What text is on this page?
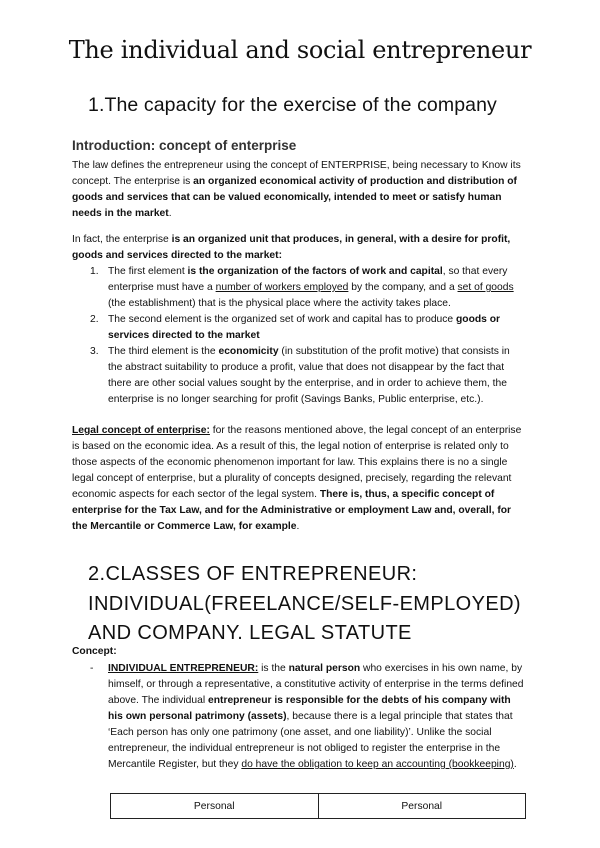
The individual and social entrepreneur
1.The capacity for the exercise of the company
Introduction: concept of enterprise

The law defines the entrepreneur using the concept of ENTERPRISE, being necessary to Know its concept. The enterprise is an organized economical activity of production and distribution of goods and services that can be valued economically, intended to meet or satisfy human needs in the market.

In fact, the enterprise is an organized unit that produces, in general, with a desire for profit, goods and services directed to the market:

1. The first element is the organization of the factors of work and capital, so that every enterprise must have a number of workers employed by the company, and a set of goods (the establishment) that is the physical place where the activity takes place.
2. The second element is the organized set of work and capital has to produce goods or services directed to the market
3. The third element is the economicity (in substitution of the profit motive) that consists in the abstract suitability to produce a profit, value that does not disappear by the fact that there are other social values sought by the enterprise, and in order to achieve them, the enterprise is no longer searching for profit (Savings Banks, Public enterprise, etc.).

Legal concept of enterprise: for the reasons mentioned above, the legal concept of an enterprise is based on the economic idea. As a result of this, the legal notion of enterprise is related only to those aspects of the economic phenomenon important for law. This explains there is no a single legal concept of enterprise, but a plurality of concepts designed, precisely, regarding the relevant economic aspects for each sector of the legal system. There is, thus, a specific concept of enterprise for the Tax Law, and for the Administrative or employment Law and, overall, for the Mercantile or Commerce Law, for example.

2.CLASSES OF ENTREPRENEUR: INDIVIDUAL(FREELANCE/SELF-EMPLOYED) AND COMPANY. LEGAL STATUTE

Concept:

-	INDIVIDUAL ENTREPRENEUR: is the natural person who exercises in his own name, by himself, or through a representative, a constitutive activity of enterprise in the terms defined above. The individual entrepreneur is responsible for the debts of his company with his own personal patrimony (assets), because there is a legal principle that states that ‘Each person has only one patrimony (one asset, and one liability)’. Unlike the social entrepreneur, the individual entrepreneur is not obliged to register the enterprise in the Mercantile Register, but they do have the obligation to keep an accounting (bookkeeping).
Personal	Personal
